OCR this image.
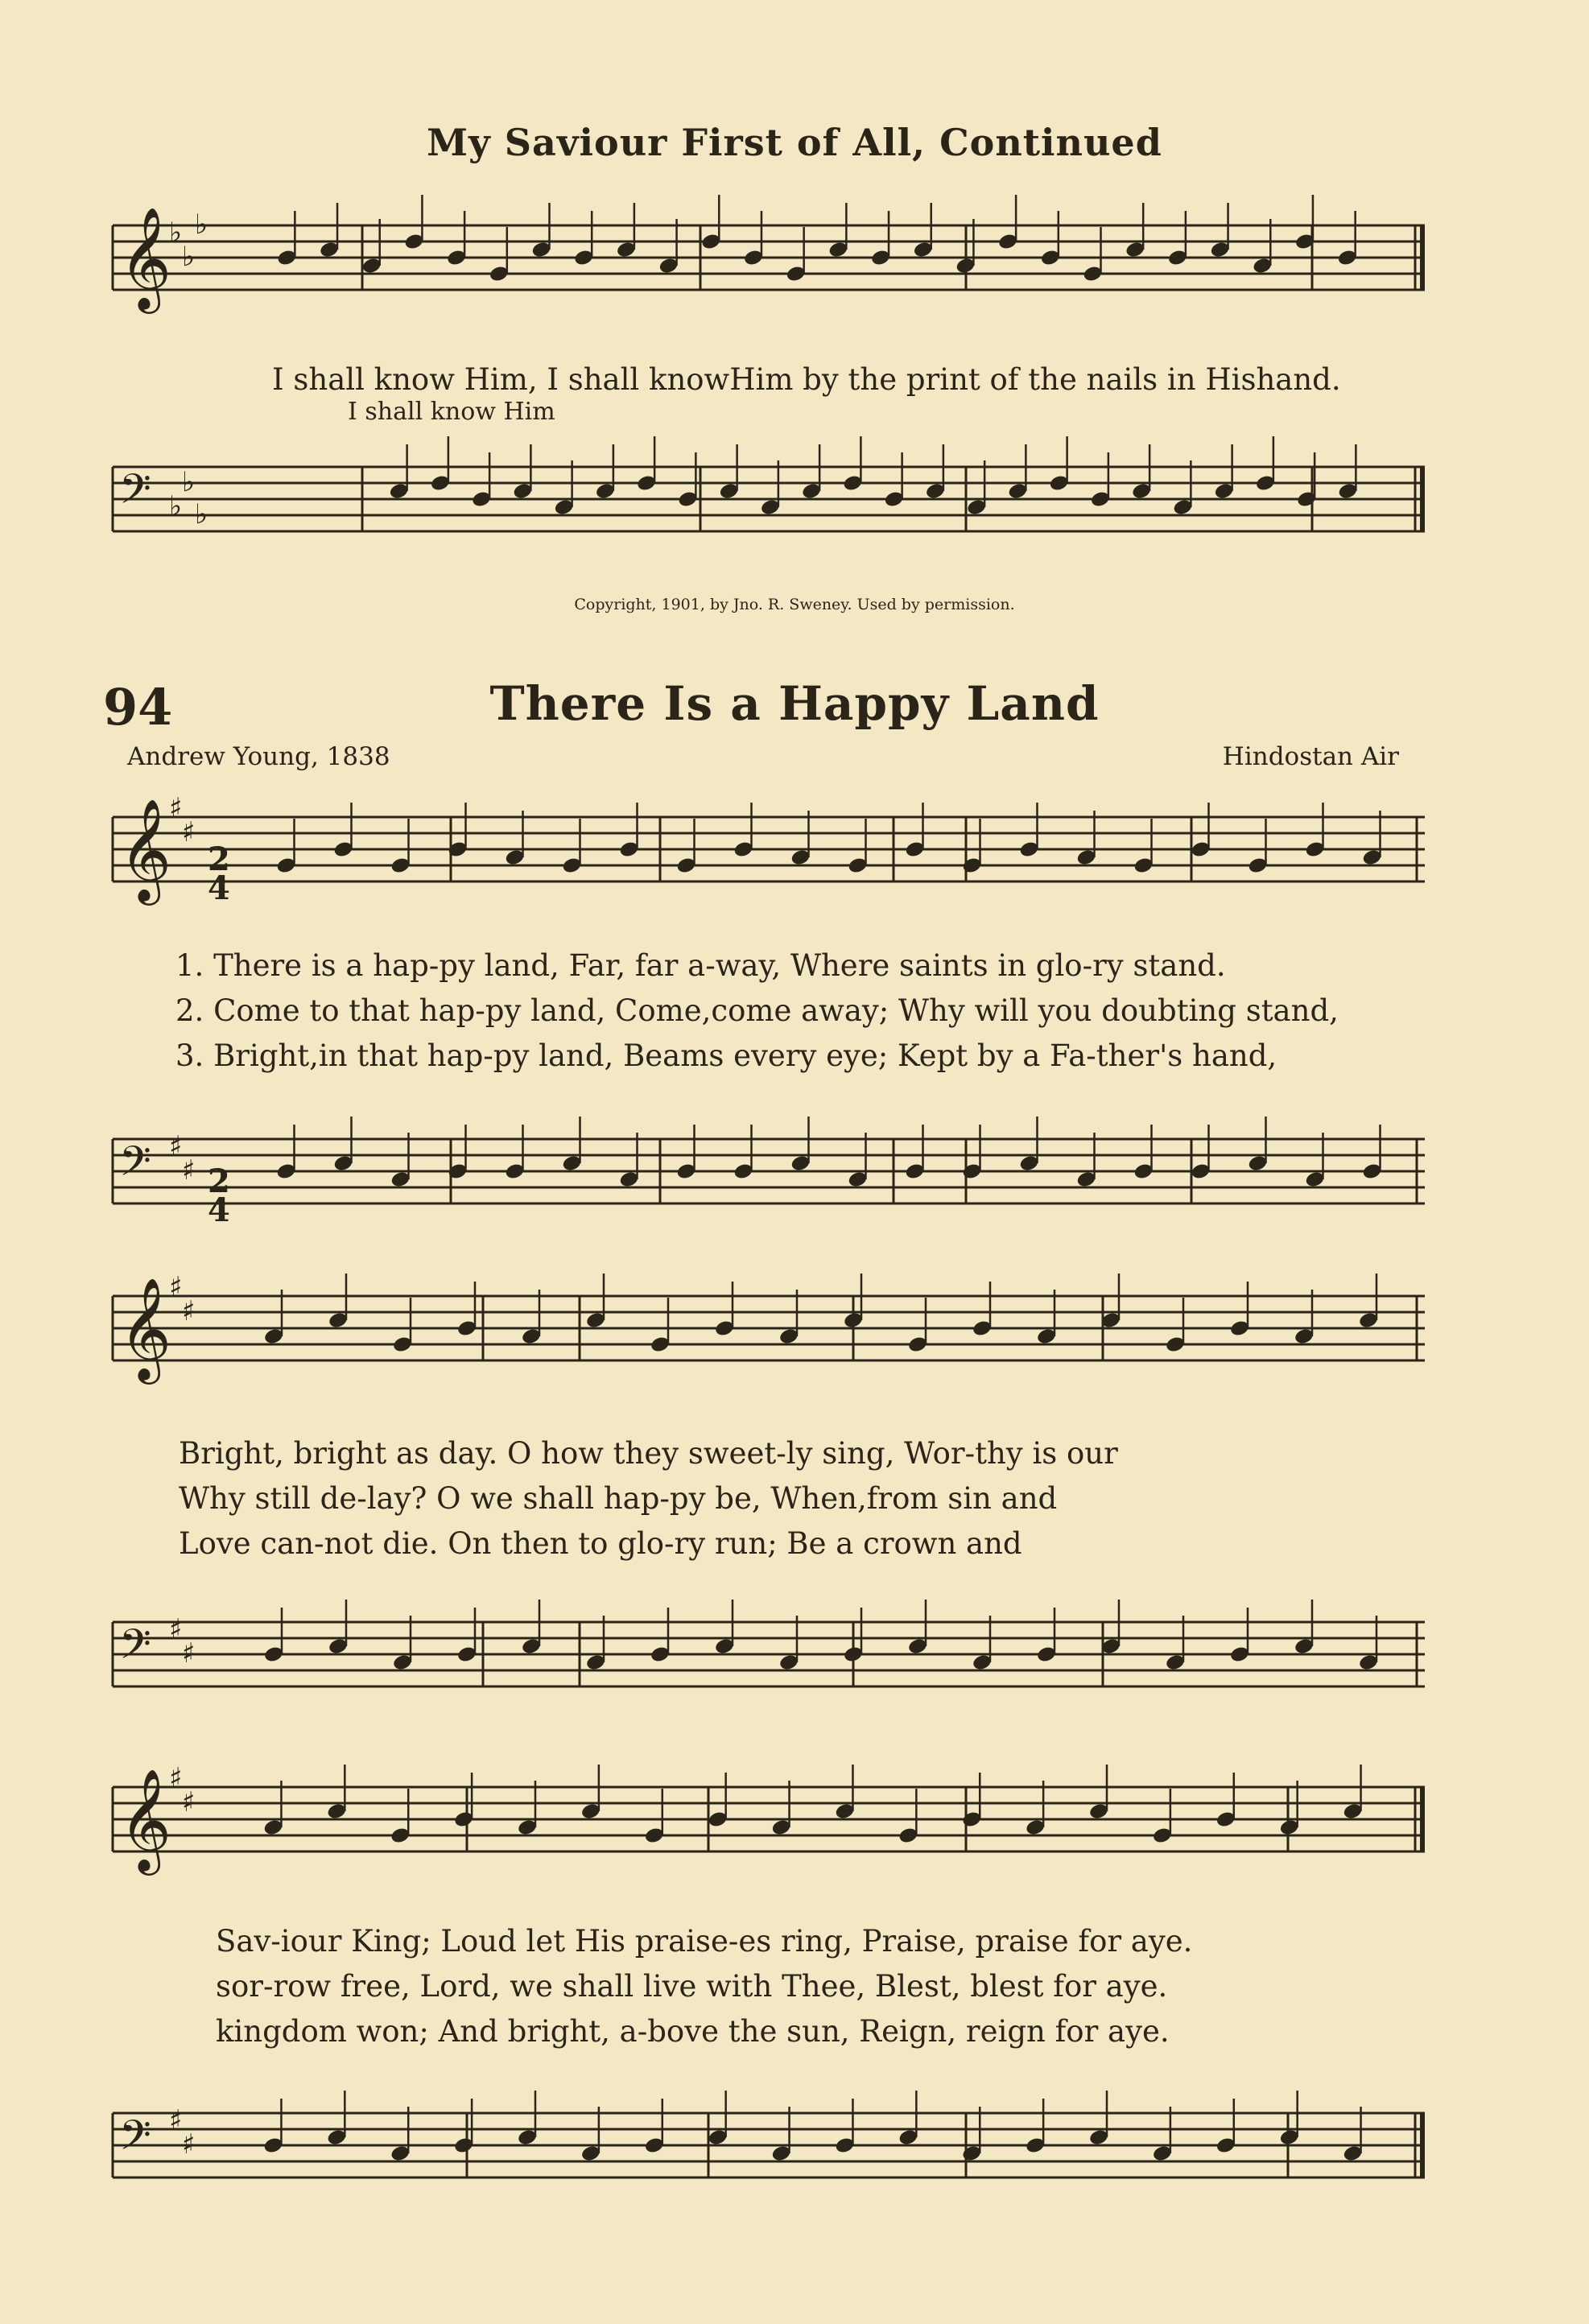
My Saviour First of All, Continued
𝄞
♭
♭
♭
I shall know Him, I shall knowHim by the print of the nails in Hishand.
I shall know Him
𝄢 ♭
♭
♭
Copyright, 1901, by Jno. R. Sweney. Used by permission.
94	There Is a Happy Land
Andrew Young, 1838	Hindostan Air
𝄞
♯
♯
1. There is a hap-py land, Far, far a-way, Where saints in glo-ry stand.
2. Come to that hap-py land, Come,come away; Why will you doubting stand,
3. Bright,in that hap-py land, Beams every eye; Kept by a Fa-ther's hand,
𝄢 ♯
♯
𝄞
♯
♯
Bright, bright as day. O how they sweet-ly sing, Wor-thy is our
Why still de-lay? O we shall hap-py be, When,from sin and
Love can-not die. On then to glo-ry run; Be a crown and
𝄢 ♯
♯
𝄞
♯
♯
Sav-iour King; Loud let His praise-es ring, Praise, praise for aye.
sor-row free, Lord, we shall live with Thee, Blest, blest for aye.
kingdom won; And bright, a-bove the sun, Reign, reign for aye.
𝄢 ♯
♯
2
4
2
4
